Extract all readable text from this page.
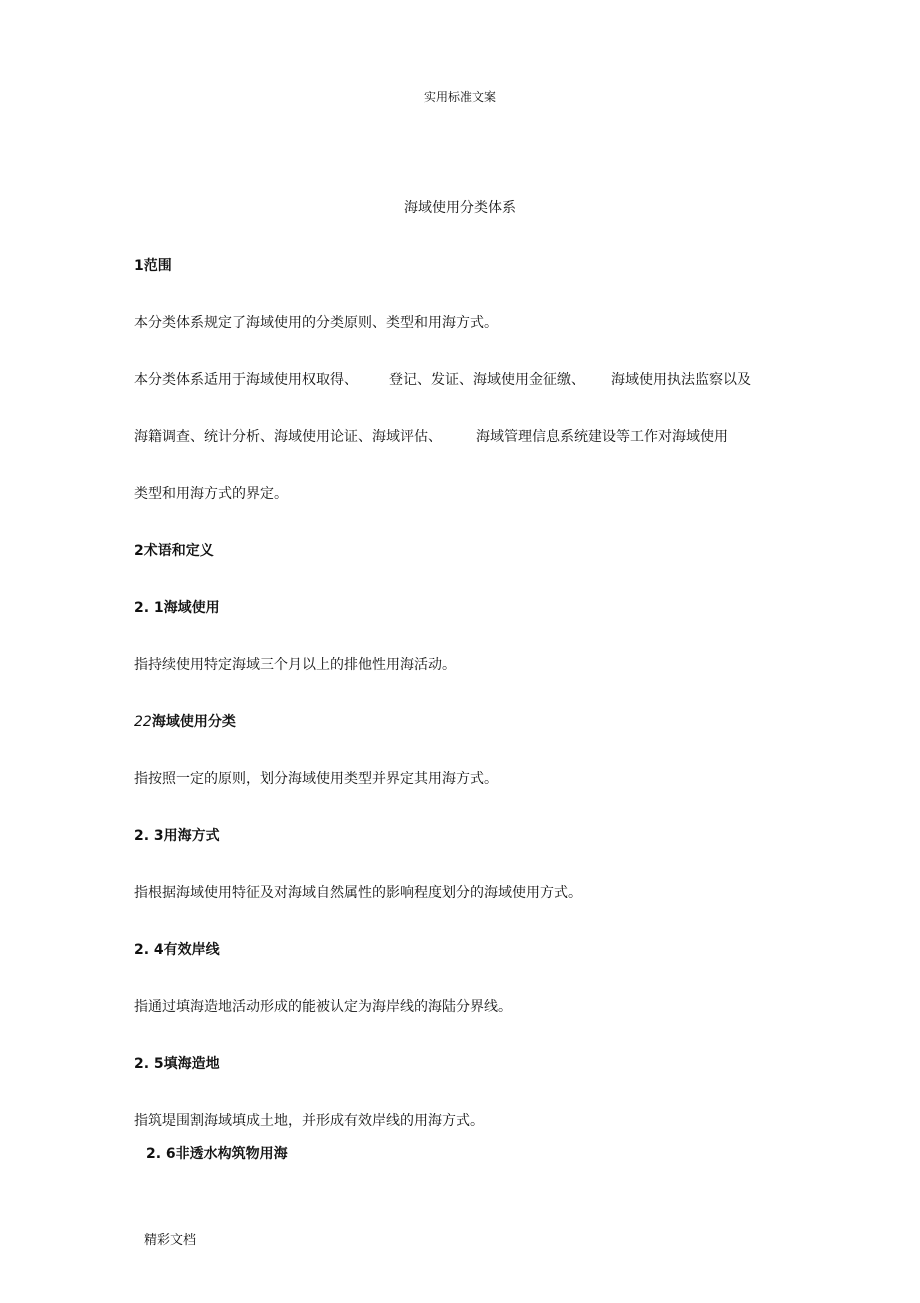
实用标准文案
海域使用分类体系
1范围
本分类体系规定了海域使用的分类原则、类型和用海方式。
本分类体系适用于海域使用权取得、 登记、发证、海域使用金征缴、 海域使用执法监察以及
海籍调查、统计分析、海域使用论证、海域评估、 海域管理信息系统建设等工作对海域使用
类型和用海方式的界定。
2术语和定义
2. 1海域使用
指持续使用特定海域三个月以上的排他性用海活动。
22海域使用分类
指按照一定的原则，划分海域使用类型并界定其用海方式。
2. 3用海方式
指根据海域使用特征及对海域自然属性的影响程度划分的海域使用方式。
2. 4有效岸线
指通过填海造地活动形成的能被认定为海岸线的海陆分界线。
2. 5填海造地
指筑堤围割海域填成土地，并形成有效岸线的用海方式。
2. 6非透水构筑物用海
精彩文档
